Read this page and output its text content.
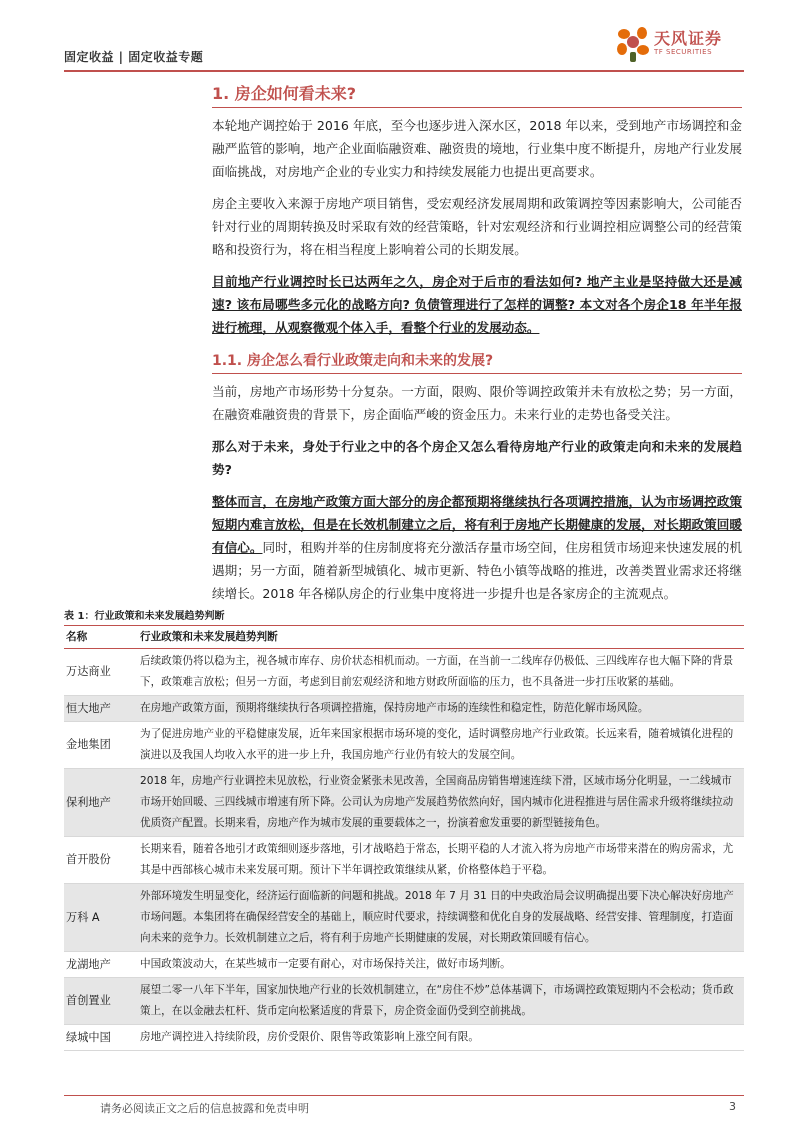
固定收益 | 固定收益专题
天风证券
TF SECURITIES
1. 房企如何看未来?

本轮地产调控始于 2016 年底，至今也逐步进入深水区，2018 年以来，受到地产市场调控和金融严监管的影响，地产企业面临融资难、融资贵的境地，行业集中度不断提升，房地产行业发展面临挑战，对房地产企业的专业实力和持续发展能力也提出更高要求。

房企主要收入来源于房地产项目销售，受宏观经济发展周期和政策调控等因素影响大，公司能否针对行业的周期转换及时采取有效的经营策略，针对宏观经济和行业调控相应调整公司的经营策略和投资行为，将在相当程度上影响着公司的长期发展。

目前地产行业调控时长已达两年之久，房企对于后市的看法如何? 地产主业是坚持做大还是减速? 该布局哪些多元化的战略方向? 负债管理进行了怎样的调整? 本文对各个房企18 年半年报进行梳理，从观察微观个体入手，看整个行业的发展动态。

1.1. 房企怎么看行业政策走向和未来的发展?

当前，房地产市场形势十分复杂。一方面，限购、限价等调控政策并未有放松之势；另一方面，在融资难融资贵的背景下，房企面临严峻的资金压力。未来行业的走势也备受关注。

那么对于未来，身处于行业之中的各个房企又怎么看待房地产行业的政策走向和未来的发展趋势?

整体而言，在房地产政策方面大部分的房企都预期将继续执行各项调控措施，认为市场调控政策短期内难言放松，但是在长效机制建立之后，将有利于房地产长期健康的发展，对长期政策回暖有信心。同时，租购并举的住房制度将充分激活存量市场空间，住房租赁市场迎来快速发展的机遇期；另一方面，随着新型城镇化、城市更新、特色小镇等战略的推进，改善类置业需求还将继续增长。2018 年各梯队房企的行业集中度将进一步提升也是各家房企的主流观点。

表 1：行业政策和未来发展趋势判断
名称	行业政策和未来发展趋势判断
万达商业	后续政策仍将以稳为主，视各城市库存、房价状态相机而动。一方面，在当前一二线库存仍极低、三四线库存也大幅下降的背景下，政策难言放松；但另一方面，考虑到目前宏观经济和地方财政所面临的压力，也不具备进一步打压收紧的基础。
恒大地产	在房地产政策方面，预期将继续执行各项调控措施，保持房地产市场的连续性和稳定性，防范化解市场风险。
金地集团	为了促进房地产业的平稳健康发展，近年来国家根据市场环境的变化，适时调整房地产行业政策。长远来看，随着城镇化进程的演进以及我国人均收入水平的进一步上升，我国房地产行业仍有较大的发展空间。
保利地产	2018 年，房地产行业调控未见放松，行业资金紧张未见改善，全国商品房销售增速连续下滑，区域市场分化明显，一二线城市市场开始回暖、三四线城市增速有所下降。公司认为房地产发展趋势依然向好，国内城市化进程推进与居住需求升级将继续拉动优质资产配置。长期来看，房地产作为城市发展的重要载体之一，扮演着愈发重要的新型链接角色。
首开股份	长期来看，随着各地引才政策细则逐步落地，引才战略趋于常态，长期平稳的人才流入将为房地产市场带来潜在的购房需求，尤其是中西部核心城市未来发展可期。预计下半年调控政策继续从紧，价格整体趋于平稳。
万科 A	外部环境发生明显变化，经济运行面临新的问题和挑战。2018 年 7 月 31 日的中央政治局会议明确提出要下决心解决好房地产市场问题。本集团将在确保经营安全的基础上，顺应时代要求，持续调整和优化自身的发展战略、经营安排、管理制度，打造面向未来的竞争力。长效机制建立之后，将有利于房地产长期健康的发展，对长期政策回暖有信心。
龙湖地产	中国政策波动大，在某些城市一定要有耐心，对市场保持关注，做好市场判断。
首创置业	展望二零一八年下半年，国家加快地产行业的长效机制建立，在“房住不炒”总体基调下，市场调控政策短期内不会松动；货币政策上，在以金融去杠杆、货币定向松紧适度的背景下，房企资金面仍受到空前挑战。
绿城中国	房地产调控进入持续阶段，房价受限价、限售等政策影响上涨空间有限。
请务必阅读正文之后的信息披露和免责申明	3
